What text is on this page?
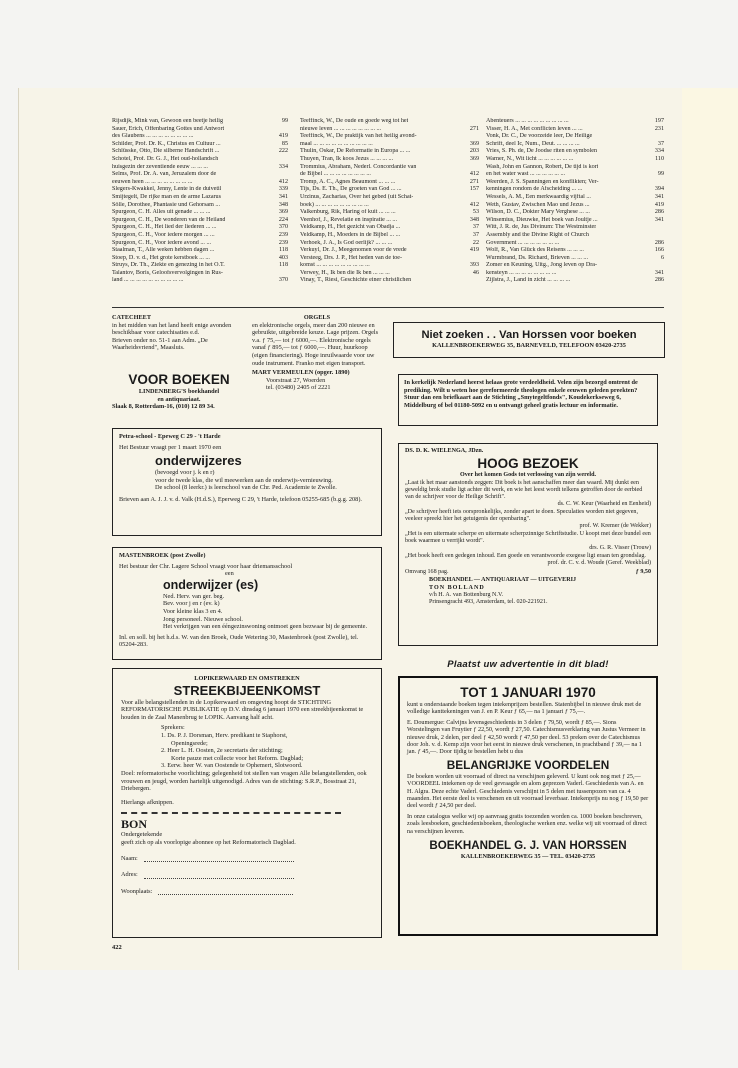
Rijsdijk, Mink van, Gewoon een beetje heilig	99
Sauer, Erich, Offenbaring Gottes und Antwort
des Glaubens ... ... ... ... ... ... ... ...	419
Schilder, Prof. Dr. K., Christus en Cultuur ...	85
Schlüsske, Otto, Die silberne Handschrift ...	222
Schotel, Prof. Dr. G. J., Het oud-hollandsch
huisgezin der zeventiende eeuw ... ... ...	334
Selms, Prof. Dr. A. van, Jeruzalem door de
eeuwen heen ... ... ... ... ... ... ... ...	412
Slegers-Kwakkel, Jenny, Lente in de duivetil	339
Smijtegelt, De rijke man en de arme Lazarus	341
Sölle, Dorothee, Phantasie und Gehorsam ...	348
Spurgeon, C. H. Alles uit genade ... ... ...	369
Spurgeon, C. H., De wonderen van de Heiland	224
Spurgeon, C. H., Het lied der liederen ... ...	370
Spurgeon, C. H., Voor iedere morgen ... ...	239
Spurgeon, C. H., Voor iedere avond ... ...	239
Staalman, T., Alle weken hebben dagen ...	118
Stoep, D. v. d., Het grote kerstboek ... ...	403
Struys, Dr. Th., Ziekte en genezing in het O.T.	118
Talantov, Boris, Geloofsvervolgingen in Rus-
land ... ... ... ... ... ... ... ... ... ...	370
Teeffinck, W., De oude en goede weg tot het
nieuwe leven ... ... ... ... ... ... ... ...	271
Teeffinck, W., De praktijk van het heilig avond-
maal ... ... ... ... ... ... ... ... ... ...	369
Thulin, Oskar, De Reformatie in Europa ... ...	203
Thuyen, Tran, Ik koos Jezus ... ... ... ...	369
Trommius, Abraham, Nederl. Concordantie van
de Bijbel ... ... ... ... ... ... ... ...	412
Tromp, A. C., Agnes Beaumont ... ... ...	271
Tijs, Ds. E. Th., De groeten van God ... ...	157
Urzinus, Zacharias, Over het gebed (uit Schat-
boek) ... ... ... ... ... ... ... ... ...	412
Valkenburg, Rik, Haring of kuit ... ... ...	53
Veenhof, J., Revelatie en inspiratie ... ...	348
Veldkamp, H., Het gezicht van Obadja ...	37
Veldkamp, H., Moeders in de Bijbel ... ...	37
Verhoek, J. A., Is God oerlijk? ... ... ...	22
Verkuyl, Dr. J., Meegenomen voor de vrede	419
Versteeg, Drs. J. P., Het heden van de toe-
komst ... ... ... ... ... ... ... ... ...	393
Verwey, H., Ik ben die Ik ben ... ... ...	46
Vinay, T., Riesi, Geschichte einer christlichen
Abenteuers ... ... ... ... ... ... ... ... ...	197
Visser, H. A., Met conflicten leven ... ...	231
Vonk, Dr. C., De voorzeide leer, De Heilige
Schrift, deel Ic, Num., Deut. ... ... ... ...	37
Vries, S. Ph. de, De Joodse riten en symbolen	334
Warner, N., Wit licht ... ... ... ... ... ...	110
Wash, John en Gannon, Robert, De tijd is kort
en het water wast ... ... ... ... ... ...	99
Weerden, J. S. Spanningen en konflikten; Ver-
kenningen rondom de Afscheiding ... ...	394
Wessels, A. M., Een merkwaardig vijftal ...	341
Weth, Gustav, Zwischen Mao und Jezus ...	419
Wilson, D. C., Dokter Mary Verghese ... ...	286
Winsemius, Dieuwke, Het boek van Joultje ...	341
Witt, J. R. de, Jus Divinum: The Westminster
Assembly and the Divine Right of Church
Government ... ... ... ... ... ... ...	286
Wolf, R., Van Glück des Reisens ... ... ...	166
Wurmbrand, Ds. Richard, Brieven ... ... ...	6
Zomer en Keuning, Uitg., Jong leven op Dra-
kensteyn ... ... ... ... ... ... ... ...	341
Zijlstra, J., Land in zicht ... ... ... ...	286
CATECHEET
in het midden van het land heeft enige avonden beschikbaar voor catechisaties e.d.
Brieven onder no. 51-1 aan Adm. „De Waarheidsvriend", Maasluis.
ORGELS
en elektronische orgels, meer dan 200 nieuwe en gebruikte, uitgebreide keuze. Lage prijzen. Orgels v.a. ƒ 75,— tot ƒ 6000,—. Elektronische orgels vanaf ƒ 895,— tot ƒ 6000,—. Huur, huurkoop (eigen financiering). Hoge inruilwaarde voor uw oude instrument. Franko met eigen transport.
MART VERMEULEN (opger. 1890)
Voorstraat 27, Woerden
tel. (03480) 2405 of 2221
VOOR BOEKEN
LINDENBERG'S boekhandel
en antiquariaat.
Slaak 8, Rotterdam-16, (010) 12 89 34.
Niet zoeken . . Van Horssen voor boeken
KALLENBROEKERWEG 35, BARNEVELD, TELEFOON 03420-2735
In kerkelijk Nederland heerst helaas grote verdeeldheid. Velen zijn bezorgd omtrent de prediking. Wilt u weten hoe gereformeerde theologen enkele eeuwen geleden preekten? Stuur dan een briefkaart aan de Stichting „Smytegeltfonds", Koudekerkseweg 6, Middelburg of bel 01180-5092 en u ontvangt geheel gratis lectuur en informatie.
Petra-school - Epeweg C 29 - 't Harde
Het Bestuur vraagt per 1 maart 1970 een
onderwijzeres
(bevoegd voor j. k en r)
voor de twede klas, die wil meewerken aan de onderwijs-vernieuwing.
De school (8 leerkr.) is leerschool van de Chr. Ped. Academie te Zwolle.
Brieven aan A. J. J. v. d. Valk (H.d.S.), Eperweg C 29, 't Harde, telefoon 05255-685 (b.g.g. 208).
MASTENBROEK (post Zwolle)
Het bestuur der Chr. Lagere School vraagt voor haar driemansschool
een
onderwijzer (es)
Ned. Herv. van ger. beg.
Bev. voor j en r (ev. k)
Voor kleine klas 3 en 4.
Jong personeel. Nieuwe school.
Het verkrijgen van een ééngezinswoning ontmoet geen bezwaar bij de gemeente.
Inl. en soll. bij het h.d.s. W. van den Broek, Oude Wetering 30, Mastenbroek (post Zwolle), tel. 05204-283.
DS. D. K. WIELENGA, JDzn.
HOOG BEZOEK
Over het komen Gods tot verlossing van zijn wereld.
„Laat ik het maar aanstonds zeggen: Dit boek is het aanschaffen meer dan waard. Mij dunkt een geweldig brok studie ligt achter dit werk, en wie het leest wordt telkens getroffen door de eerbied van de schrijver voor de Heilige Schrift".
ds. C. W. Keur (Waarheid en Eenheid)
„De schrijver heeft iets oorspronkelijks, zonder apart te doen. Speculaties worden niet gegeven, veeleer spreekt hier het getuigenis der openbaring".
prof. W. Kremer (de Wekker)
„Het is een uitermate scherpe en uitermate scherpzinnige Schriftstudie. U koopt met deze bundel een boek waarmee u verrijkt wordt".
drs. G. R. Visser (Trouw)
„Het boek heeft een gedegen inhoud. Een goede en verantwoorde exegese ligt eraan ten grondslag.
prof. dr. C. v. d. Woude (Geref. Weekblad)
Omvang 168 pag.	ƒ 9,50
BOEKHANDEL — ANTIQUARIAAT — UITGEVERIJ
TON BOLLAND
v/h H. A. van Bottenburg N.V.
Prinsengracht 493, Amsterdam, tel. 020-221921.
Plaatst uw advertentie in dit blad!
LOPIKERWAARD EN OMSTREKEN
STREEKBIJEENKOMST
Voor alle belangstellenden in de Lopikerwaard en omgeving hoopt de STICHTING REFORMATORISCHE PUBLIKATIE op D.V. dinsdag 6 januari 1970 een streekbijeenkomst te houden in de Zaal Manenbrug te LOPIK. Aanvang half acht.
Sprekers:
1. Ds. P. J. Dorsman, Herv. predikant te Staphorst,
Openingsrede;
2. Heer L. H. Oosten, 2e secretaris der stichting;
Korte pauze met collecte voor het Reform. Dagblad;
3. Eerw. heer W. van Oostende te Ophemert, Slotwoord.
Doel: reformatorische voorlichting; gelegenheid tot stellen van vragen Alle belangstellenden, ook vrouwen en jeugd, worden hartelijk uitgenodigd. Adres van de stichting: S.R.P., Bosstraat 21, Driebergen.
Hierlangs afknippen.
BON
Ondergetekende
geeft zich op als voorlopige abonnee op het Reformatorisch Dagblad.
Naam:
Adres:
Woonplaats:
TOT 1 JANUARI 1970
kunt u onderstaande boeken tegen intekenprijzen bestellen. Statenbijbel in nieuwe druk met de volledige kanttekeningen van J. en P. Keur ƒ 65,— na 1 januari ƒ 75,—.
E. Doumergue: Calvijns levensgeschiedenis in 3 delen ƒ 79,50, wordt ƒ 85,—. Sions Worstelingen van Fruytier ƒ 22,50, wordt ƒ 27,50. Catechismusverklaring van Justus Vermeer in nieuwe druk, 2 delen, per deel ƒ 42,50 wordt ƒ 47,50 per deel. 53 preken over de Catechismus door Joh. v. d. Kemp zijn voor het eerst in nieuwe druk verschenen, in prachtband ƒ 39,— na 1 jan. ƒ 45,—. Door tijdig te bestellen hebt u dus
BELANGRIJKE VOORDELEN
De boeken worden uit voorraad of direct na verschijnen geleverd. U kunt ook nog met ƒ 25,— VOORDEEL intekenen op de veel gevraagde en alom geprezen Vaderl. Geschiedenis van A. en H. Algra. Deze echte Vaderl. Geschiedenis verschijnt in 5 delen met tussenpozen van ca. 4 maanden. Het eerste deel is verschenen en uit voorraad leverbaar. Intekenprijs nu nog ƒ 19,50 per deel wordt ƒ 24,50 per deel.
In onze catalogus welke wij op aanvraag gratis toezenden worden ca. 1000 boeken beschreven, zoals leesboeken, geschiedenisboeken, theologische werken enz. welke wij uit voorraad of direct na verschijnen leveren.
BOEKHANDEL G. J. VAN HORSSEN
KALLENBROEKERWEG 35 — TEL. 03420-2735
422
